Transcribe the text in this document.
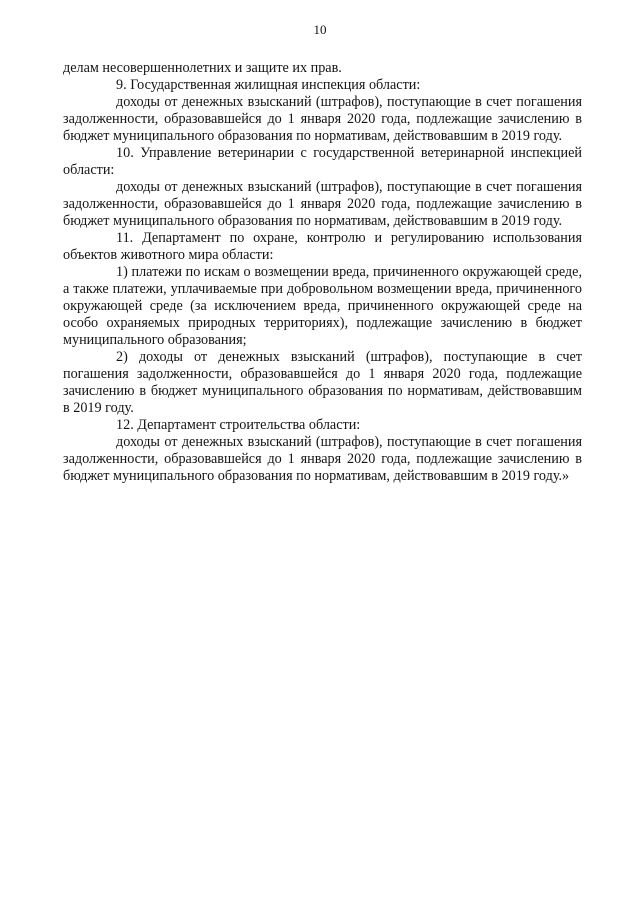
10

делам несовершеннолетних и защите их прав.

9. Государственная жилищная инспекция области:

доходы от денежных взысканий (штрафов), поступающие в счет погашения задолженности, образовавшейся до 1 января 2020 года, подлежащие зачислению в бюджет муниципального образования по нормативам, действовавшим в 2019 году.

10. Управление ветеринарии с государственной ветеринарной инспекцией области:

доходы от денежных взысканий (штрафов), поступающие в счет погашения задолженности, образовавшейся до 1 января 2020 года, подлежащие зачислению в бюджет муниципального образования по нормативам, действовавшим в 2019 году.

11. Департамент по охране, контролю и регулированию использования объектов животного мира области:

1) платежи по искам о возмещении вреда, причиненного окружающей среде, а также платежи, уплачиваемые при добровольном возмещении вреда, причиненного окружающей среде (за исключением вреда, причиненного окружающей среде на особо охраняемых природных территориях), подлежащие зачислению в бюджет муниципального образования;

2) доходы от денежных взысканий (штрафов), поступающие в счет погашения задолженности, образовавшейся до 1 января 2020 года, подлежащие зачислению в бюджет муниципального образования по нормативам, действовавшим в 2019 году.

12. Департамент строительства области:

доходы от денежных взысканий (штрафов), поступающие в счет погашения задолженности, образовавшейся до 1 января 2020 года, подлежащие зачислению в бюджет муниципального образования по нормативам, действовавшим в 2019 году.»
